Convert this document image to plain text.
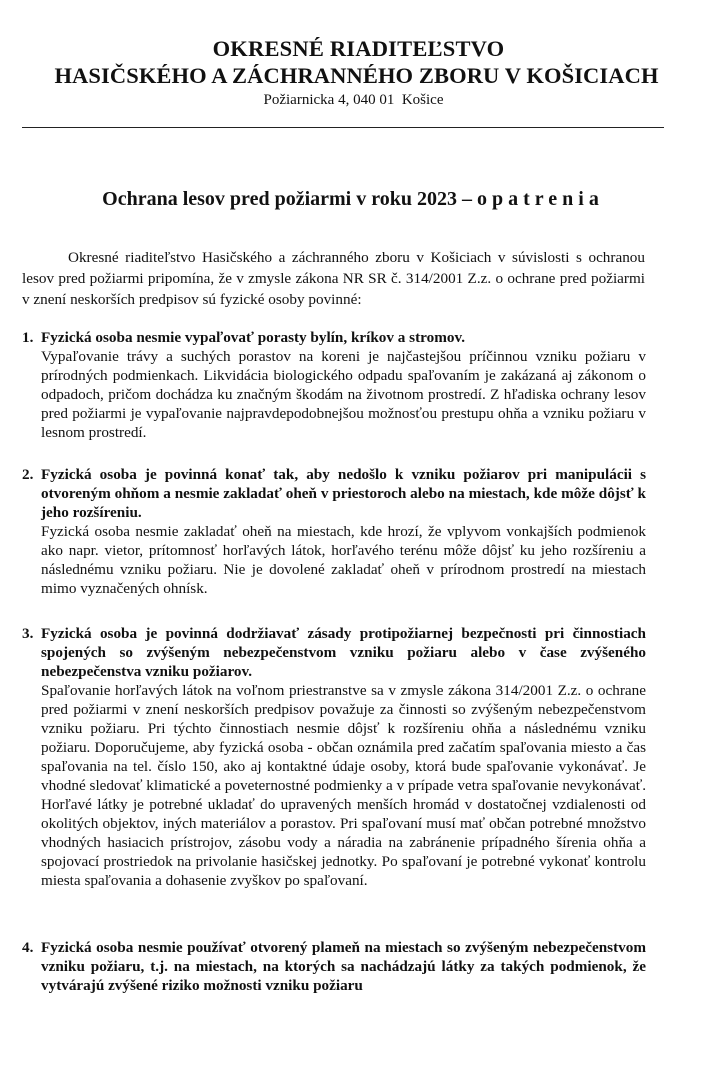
OKRESNÉ RIADITEĽSTVO
HASIČSKÉHO A ZÁCHRANNÉHO ZBORU V KOŠICIACH
Požiarnicka 4, 040 01  Košice
Ochrana lesov pred požiarmi v roku 2023 – o p a t r e n i a
Okresné riaditeľstvo Hasičského a záchranného zboru v Košiciach v súvislosti s ochranou lesov pred požiarmi pripomína, že v zmysle zákona NR SR č. 314/2001 Z.z. o ochrane pred požiarmi v znení neskorších predpisov sú fyzické osoby povinné:
1. Fyzická osoba nesmie vypaľovať porasty bylín, kríkov a stromov.
Vypaľovanie trávy a suchých porastov na koreni je najčastejšou príčinnou vzniku požiaru v prírodných podmienkach. Likvidácia biologického odpadu spaľovaním je zakázaná aj zákonom o odpadoch, pričom dochádza ku značným škodám na životnom prostredí. Z hľadiska ochrany lesov pred požiarmi je vypaľovanie najpravdepodobnejšou možnosťou prestupu ohňa a vzniku požiaru v lesnom prostredí.
2. Fyzická osoba je povinná konať tak, aby nedošlo k vzniku požiarov pri manipulácii s otvoreným ohňom a nesmie zakladať oheň v priestoroch alebo na miestach, kde môže dôjsť k jeho rozšíreniu.
Fyzická osoba nesmie zakladať oheň na miestach, kde hrozí, že vplyvom vonkajších podmienok ako napr. vietor, prítomnosť horľavých látok, horľavého terénu môže dôjsť ku jeho rozšíreniu a následnému vzniku požiaru. Nie je dovolené zakladať oheň v prírodnom prostredí na miestach mimo vyznačených ohnísk.
3. Fyzická osoba je povinná dodržiavať zásady protipožiarnej bezpečnosti pri činnostiach spojených so zvýšeným nebezpečenstvom vzniku požiaru alebo v čase zvýšeného nebezpečenstva vzniku požiarov.
Spaľovanie horľavých látok na voľnom priestranstve sa v zmysle zákona 314/2001 Z.z. o ochrane pred požiarmi v znení neskorších predpisov považuje za činnosti so zvýšeným nebezpečenstvom vzniku požiaru. Pri týchto činnostiach nesmie dôjsť k rozšíreniu ohňa a následnému vzniku požiaru. Doporučujeme, aby fyzická osoba - občan oznámila pred začatím spaľovania miesto a čas spaľovania na tel. číslo 150, ako aj kontaktné údaje osoby, ktorá bude spaľovanie vykonávať. Je vhodné sledovať klimatické a poveternostné podmienky a v prípade vetra spaľovanie nevykonávať. Horľavé látky je potrebné ukladať do upravených menších hromád v dostatočnej vzdialenosti od okolitých objektov, iných materiálov a porastov. Pri spaľovaní musí mať občan potrebné množstvo vhodných hasiacich prístrojov, zásobu vody a náradia na zabránenie prípadného šírenia ohňa a spojovací prostriedok na privolanie hasičskej jednotky. Po spaľovaní je potrebné vykonať kontrolu miesta spaľovania a dohasenie zvyškov po spaľovaní.
4. Fyzická osoba nesmie používať otvorený plameň na miestach so zvýšeným nebezpečenstvom vzniku požiaru, t.j. na miestach, na ktorých sa nachádzajú látky za takých podmienok, že vytvárajú zvýšené riziko možnosti vzniku požiaru
